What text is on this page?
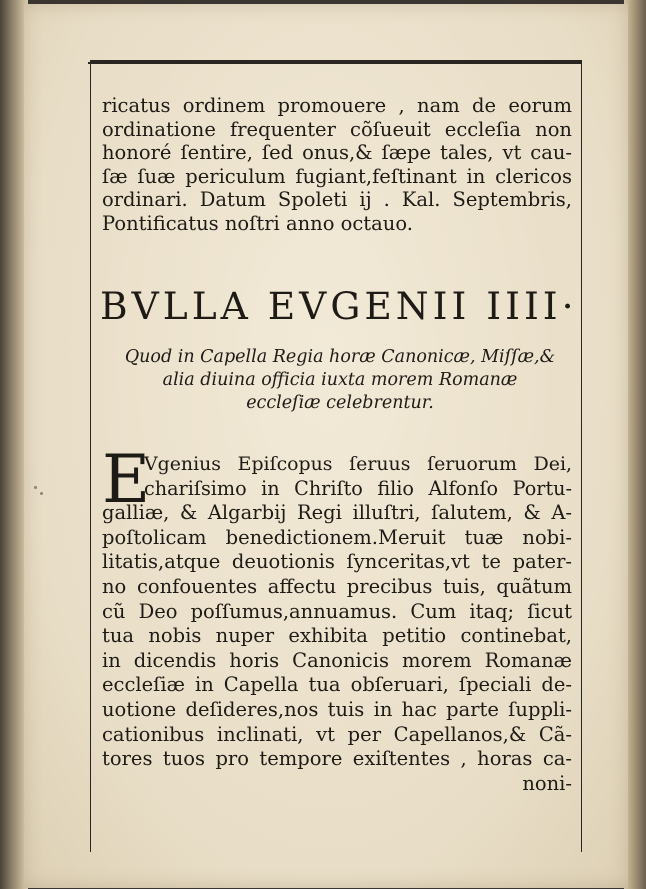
ricatus ordinem promouere , nam de eorum
ordinatione frequenter cõſueuit eccleſia non
honoré ſentire, ſed onus,& ſæpe tales, vt cau-
ſæ ſuæ periculum fugiant,feſtinant in clericos
ordinari. Datum Spoleti ij . Kal. Septembris,
Pontificatus noſtri anno octauo.
BVLLA EVGENII IIII·
Quod in Capella Regia horæ Canonicæ, Miſſæ,&
alia diuina officia iuxta morem Romanæ
eccleſiæ celebrentur.
E
Vgenius Epiſcopus ſeruus ſeruorum Dei,
chariſsimo in Chriſto filio Alfonſo Portu-
galliæ, & Algarbij Regi illuſtri, ſalutem, & A-
poſtolicam benedictionem.Meruit tuæ nobi-
litatis,atque deuotionis ſynceritas,vt te pater-
no confouentes affectu precibus tuis, quãtum
cũ Deo poſſumus,annuamus. Cum itaq; ſicut
tua nobis nuper exhibita petitio continebat,
in dicendis horis Canonicis morem Romanæ
eccleſiæ in Capella tua obſeruari, ſpeciali de-
uotione deſideres,nos tuis in hac parte ſuppli-
cationibus inclinati, vt per Capellanos,& Cã-
tores tuos pro tempore exiſtentes , horas ca-
noni-
